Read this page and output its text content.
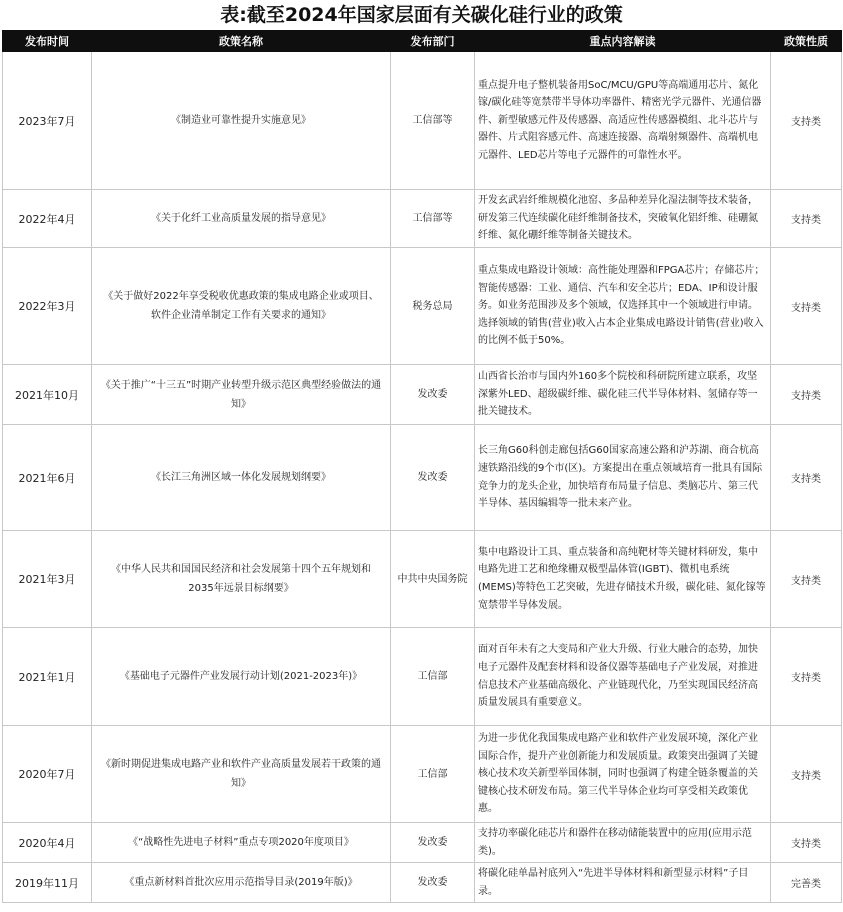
表:截至2024年国家层面有关碳化硅行业的政策
发布时间	政策名称	发布部门	重点内容解读	政策性质
2023年7月	《制造业可靠性提升实施意见》	工信部等	重点提升电子整机装备用SoC/MCU/GPU等高端通用芯片、氮化镓/碳化硅等宽禁带半导体功率器件、精密光学元器件、光通信器件、新型敏感元件及传感器、高适应性传感器模组、北斗芯片与器件、片式阻容感元件、高速连接器、高端射频器件、高端机电元器件、LED芯片等电子元器件的可靠性水平。	支持类
2022年4月	《关于化纤工业高质量发展的指导意见》	工信部等	开发玄武岩纤维规模化池窑、多品种差异化湿法制等技术装备，研发第三代连续碳化硅纤维制备技术，突破氧化铝纤维、硅硼氮纤维、氮化硼纤维等制备关键技术。	支持类
2022年3月	《关于做好2022年享受税收优惠政策的集成电路企业或项目、软件企业清单制定工作有关要求的通知》	税务总局	重点集成电路设计领域：高性能处理器和FPGA芯片；存储芯片；智能传感器：工业、通信、汽车和安全芯片；EDA、IP和设计服务。如业务范围涉及多个领域，仅选择其中一个领域进行申请。选择领域的销售(营业)收入占本企业集成电路设计销售(营业)收入的比例不低于50%。	支持类
2021年10月	《关于推广“十三五”时期产业转型升级示范区典型经验做法的通知》	发改委	山西省长治市与国内外160多个院校和科研院所建立联系，攻坚深紫外LED、超级碳纤维、碳化硅三代半导体材料、氢储存等一批关键技术。	支持类
2021年6月	《长江三角洲区域一体化发展规划纲要》	发改委	长三角G60科创走廊包括G60国家高速公路和沪苏湖、商合杭高速铁路沿线的9个市(区)。方案提出在重点领域培育一批具有国际竞争力的龙头企业，加快培育布局量子信息、类脑芯片、第三代半导体、基因编辑等一批未来产业。	支持类
2021年3月	《中华人民共和国国民经济和社会发展第十四个五年规划和2035年远景目标纲要》	中共中央国务院	集中电路设计工具、重点装备和高纯靶材等关键材料研发，集中电路先进工艺和绝缘栅双极型晶体管(IGBT)、微机电系统(MEMS)等特色工艺突破，先进存储技术升级，碳化硅、氮化镓等宽禁带半导体发展。	支持类
2021年1月	《基础电子元器件产业发展行动计划(2021-2023年)》	工信部	面对百年未有之大变局和产业大升级、行业大融合的态势，加快电子元器件及配套材料和设备仪器等基础电子产业发展，对推进信息技术产业基础高级化、产业链现代化，乃至实现国民经济高质量发展具有重要意义。	支持类
2020年7月	《新时期促进集成电路产业和软件产业高质量发展若干政策的通知》	工信部	为进一步优化我国集成电路产业和软件产业发展环境，深化产业国际合作，提升产业创新能力和发展质量。政策突出强调了关键核心技术攻关新型举国体制，同时也强调了构建全链条覆盖的关键核心技术研发布局。第三代半导体企业均可享受相关政策优惠。	支持类
2020年4月	《“战略性先进电子材料”重点专项2020年度项目》	发改委	支持功率碳化硅芯片和器件在移动储能装置中的应用(应用示范类)。	支持类
2019年11月	《重点新材料首批次应用示范指导目录(2019年版)》	发改委	将碳化硅单晶衬底列入“先进半导体材料和新型显示材料”子目录。	完善类
